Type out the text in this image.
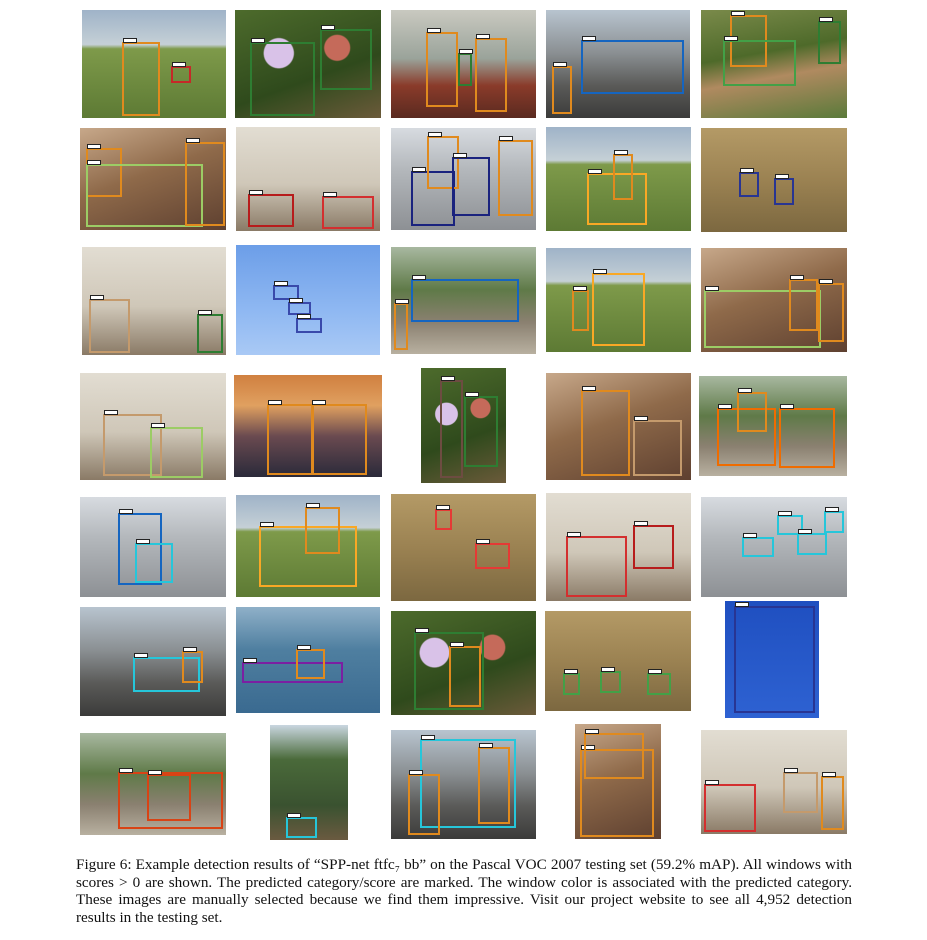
Figure 6: Example detection results of “SPP-net ftfc₇ bb” on the Pascal VOC 2007 testing set (59.2% mAP). All windows with scores > 0 are shown. The predicted category/score are marked. The window color is associated with the predicted category. These images are manually selected because we find them impressive. Visit our project website to see all 4,952 detection results in the testing set.
